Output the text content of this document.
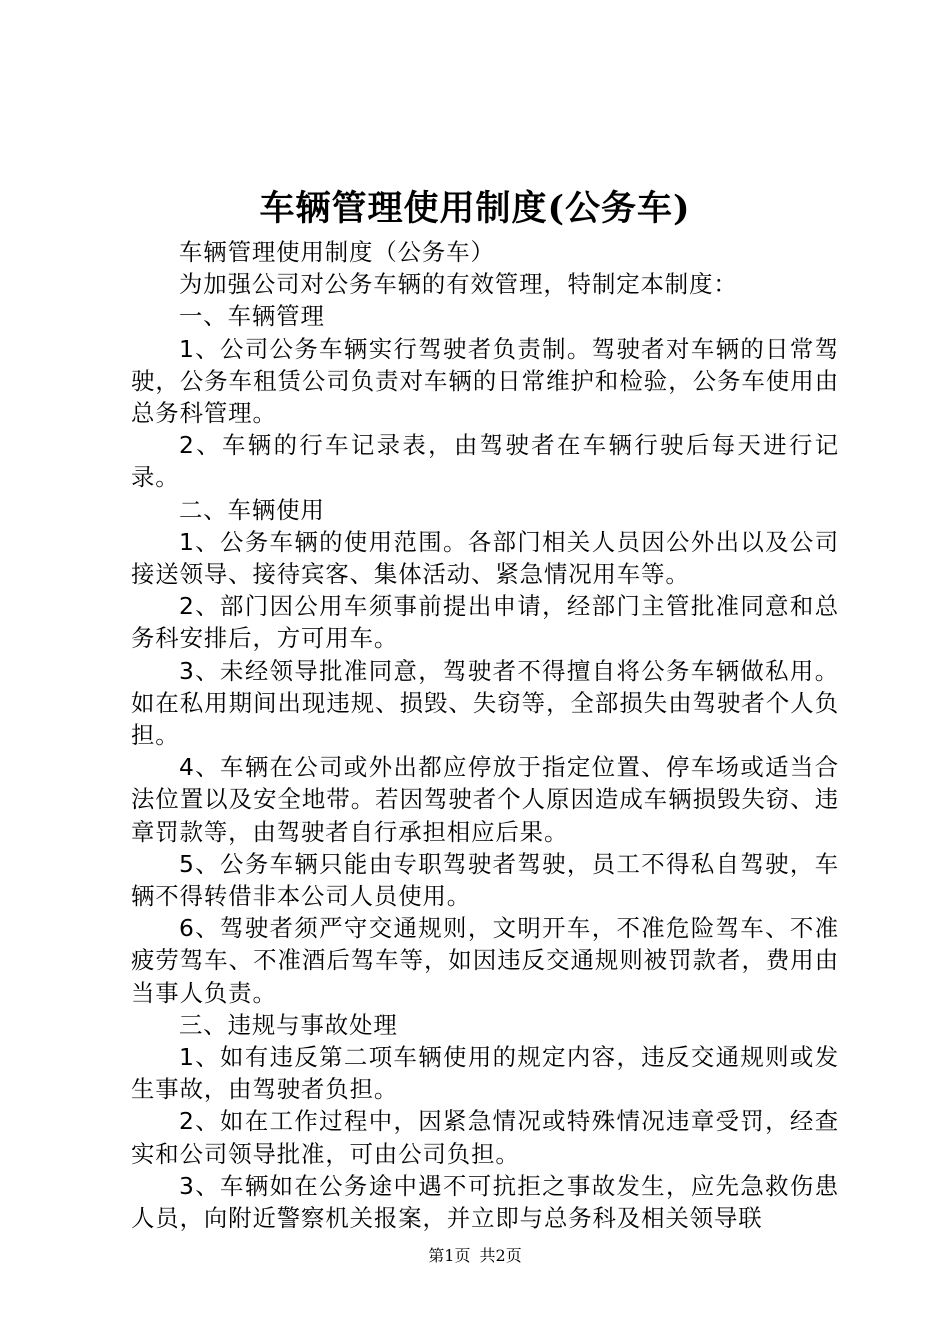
车辆管理使用制度(公务车)

车辆管理使用制度（公务车）

为加强公司对公务车辆的有效管理，特制定本制度：

一、车辆管理

1、公司公务车辆实行驾驶者负责制。驾驶者对车辆的日常驾驶，公务车租赁公司负责对车辆的日常维护和检验，公务车使用由总务科管理。

2、车辆的行车记录表，由驾驶者在车辆行驶后每天进行记录。

二、车辆使用

1、公务车辆的使用范围。各部门相关人员因公外出以及公司接送领导、接待宾客、集体活动、紧急情况用车等。

2、部门因公用车须事前提出申请，经部门主管批准同意和总务科安排后，方可用车。

3、未经领导批准同意，驾驶者不得擅自将公务车辆做私用。如在私用期间出现违规、损毁、失窃等，全部损失由驾驶者个人负担。

4、车辆在公司或外出都应停放于指定位置、停车场或适当合法位置以及安全地带。若因驾驶者个人原因造成车辆损毁失窃、违章罚款等，由驾驶者自行承担相应后果。

5、公务车辆只能由专职驾驶者驾驶，员工不得私自驾驶，车辆不得转借非本公司人员使用。

6、驾驶者须严守交通规则，文明开车，不准危险驾车、不准疲劳驾车、不准酒后驾车等，如因违反交通规则被罚款者，费用由当事人负责。

三、违规与事故处理

1、如有违反第二项车辆使用的规定内容，违反交通规则或发生事故，由驾驶者负担。

2、如在工作过程中，因紧急情况或特殊情况违章受罚，经查实和公司领导批准，可由公司负担。

3、车辆如在公务途中遇不可抗拒之事故发生，应先急救伤患人员，向附近警察机关报案，并立即与总务科及相关领导联

第1页 共2页
